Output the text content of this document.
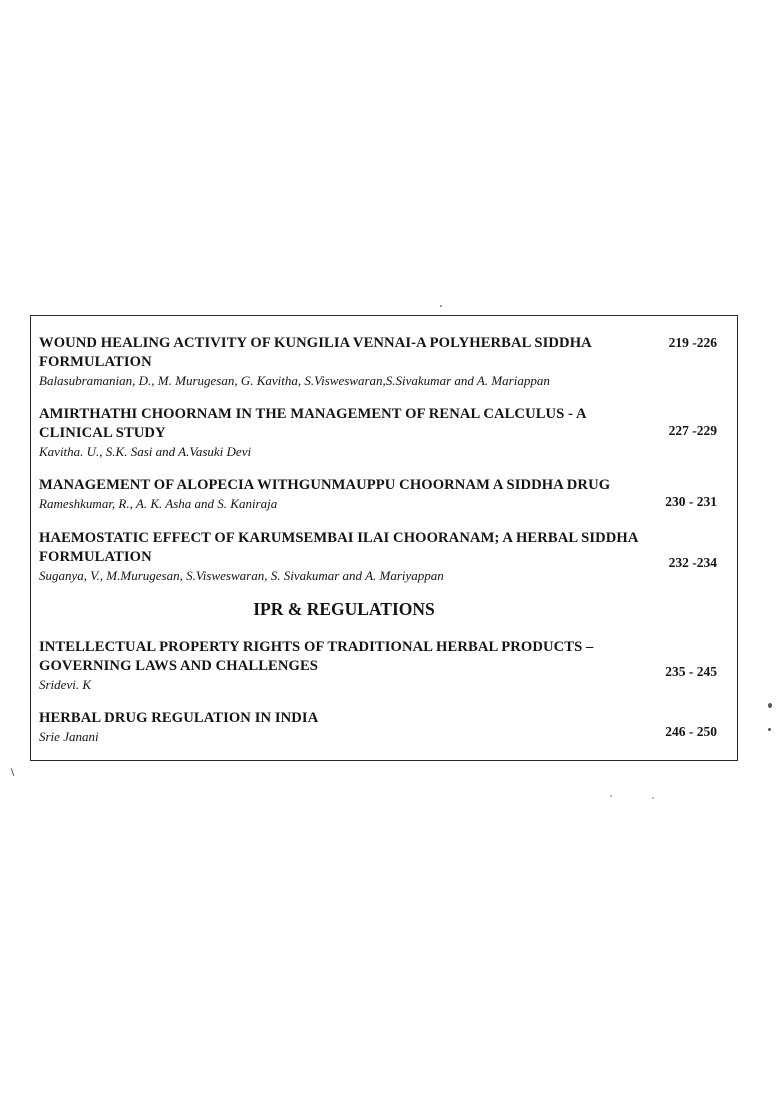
WOUND HEALING ACTIVITY OF KUNGILIA VENNAI-A POLYHERBAL SIDDHA FORMULATION
Balasubramanian, D., M. Murugesan, G. Kavitha, S.Visweswaran,S.Sivakumar and A. Mariappan
219 -226
AMIRTHATHI CHOORNAM IN THE MANAGEMENT OF RENAL CALCULUS - A CLINICAL STUDY
Kavitha. U., S.K. Sasi and A.Vasuki Devi
227 -229
MANAGEMENT OF ALOPECIA WITHGUNMAUPPU CHOORNAM A SIDDHA DRUG
Rameshkumar, R., A. K. Asha and S. Kaniraja	230 - 231
HAEMOSTATIC EFFECT OF KARUMSEMBAI ILAI CHOORANAM; A HERBAL SIDDHA FORMULATION
Suganya, V., M.Murugesan, S.Visweswaran, S. Sivakumar and A. Mariyappan
232 -234
IPR & REGULATIONS
INTELLECTUAL PROPERTY RIGHTS OF TRADITIONAL HERBAL PRODUCTS – GOVERNING LAWS AND CHALLENGES
Sridevi. K
235 - 245
HERBAL DRUG REGULATION IN INDIA
Srie Janani	246 - 250
